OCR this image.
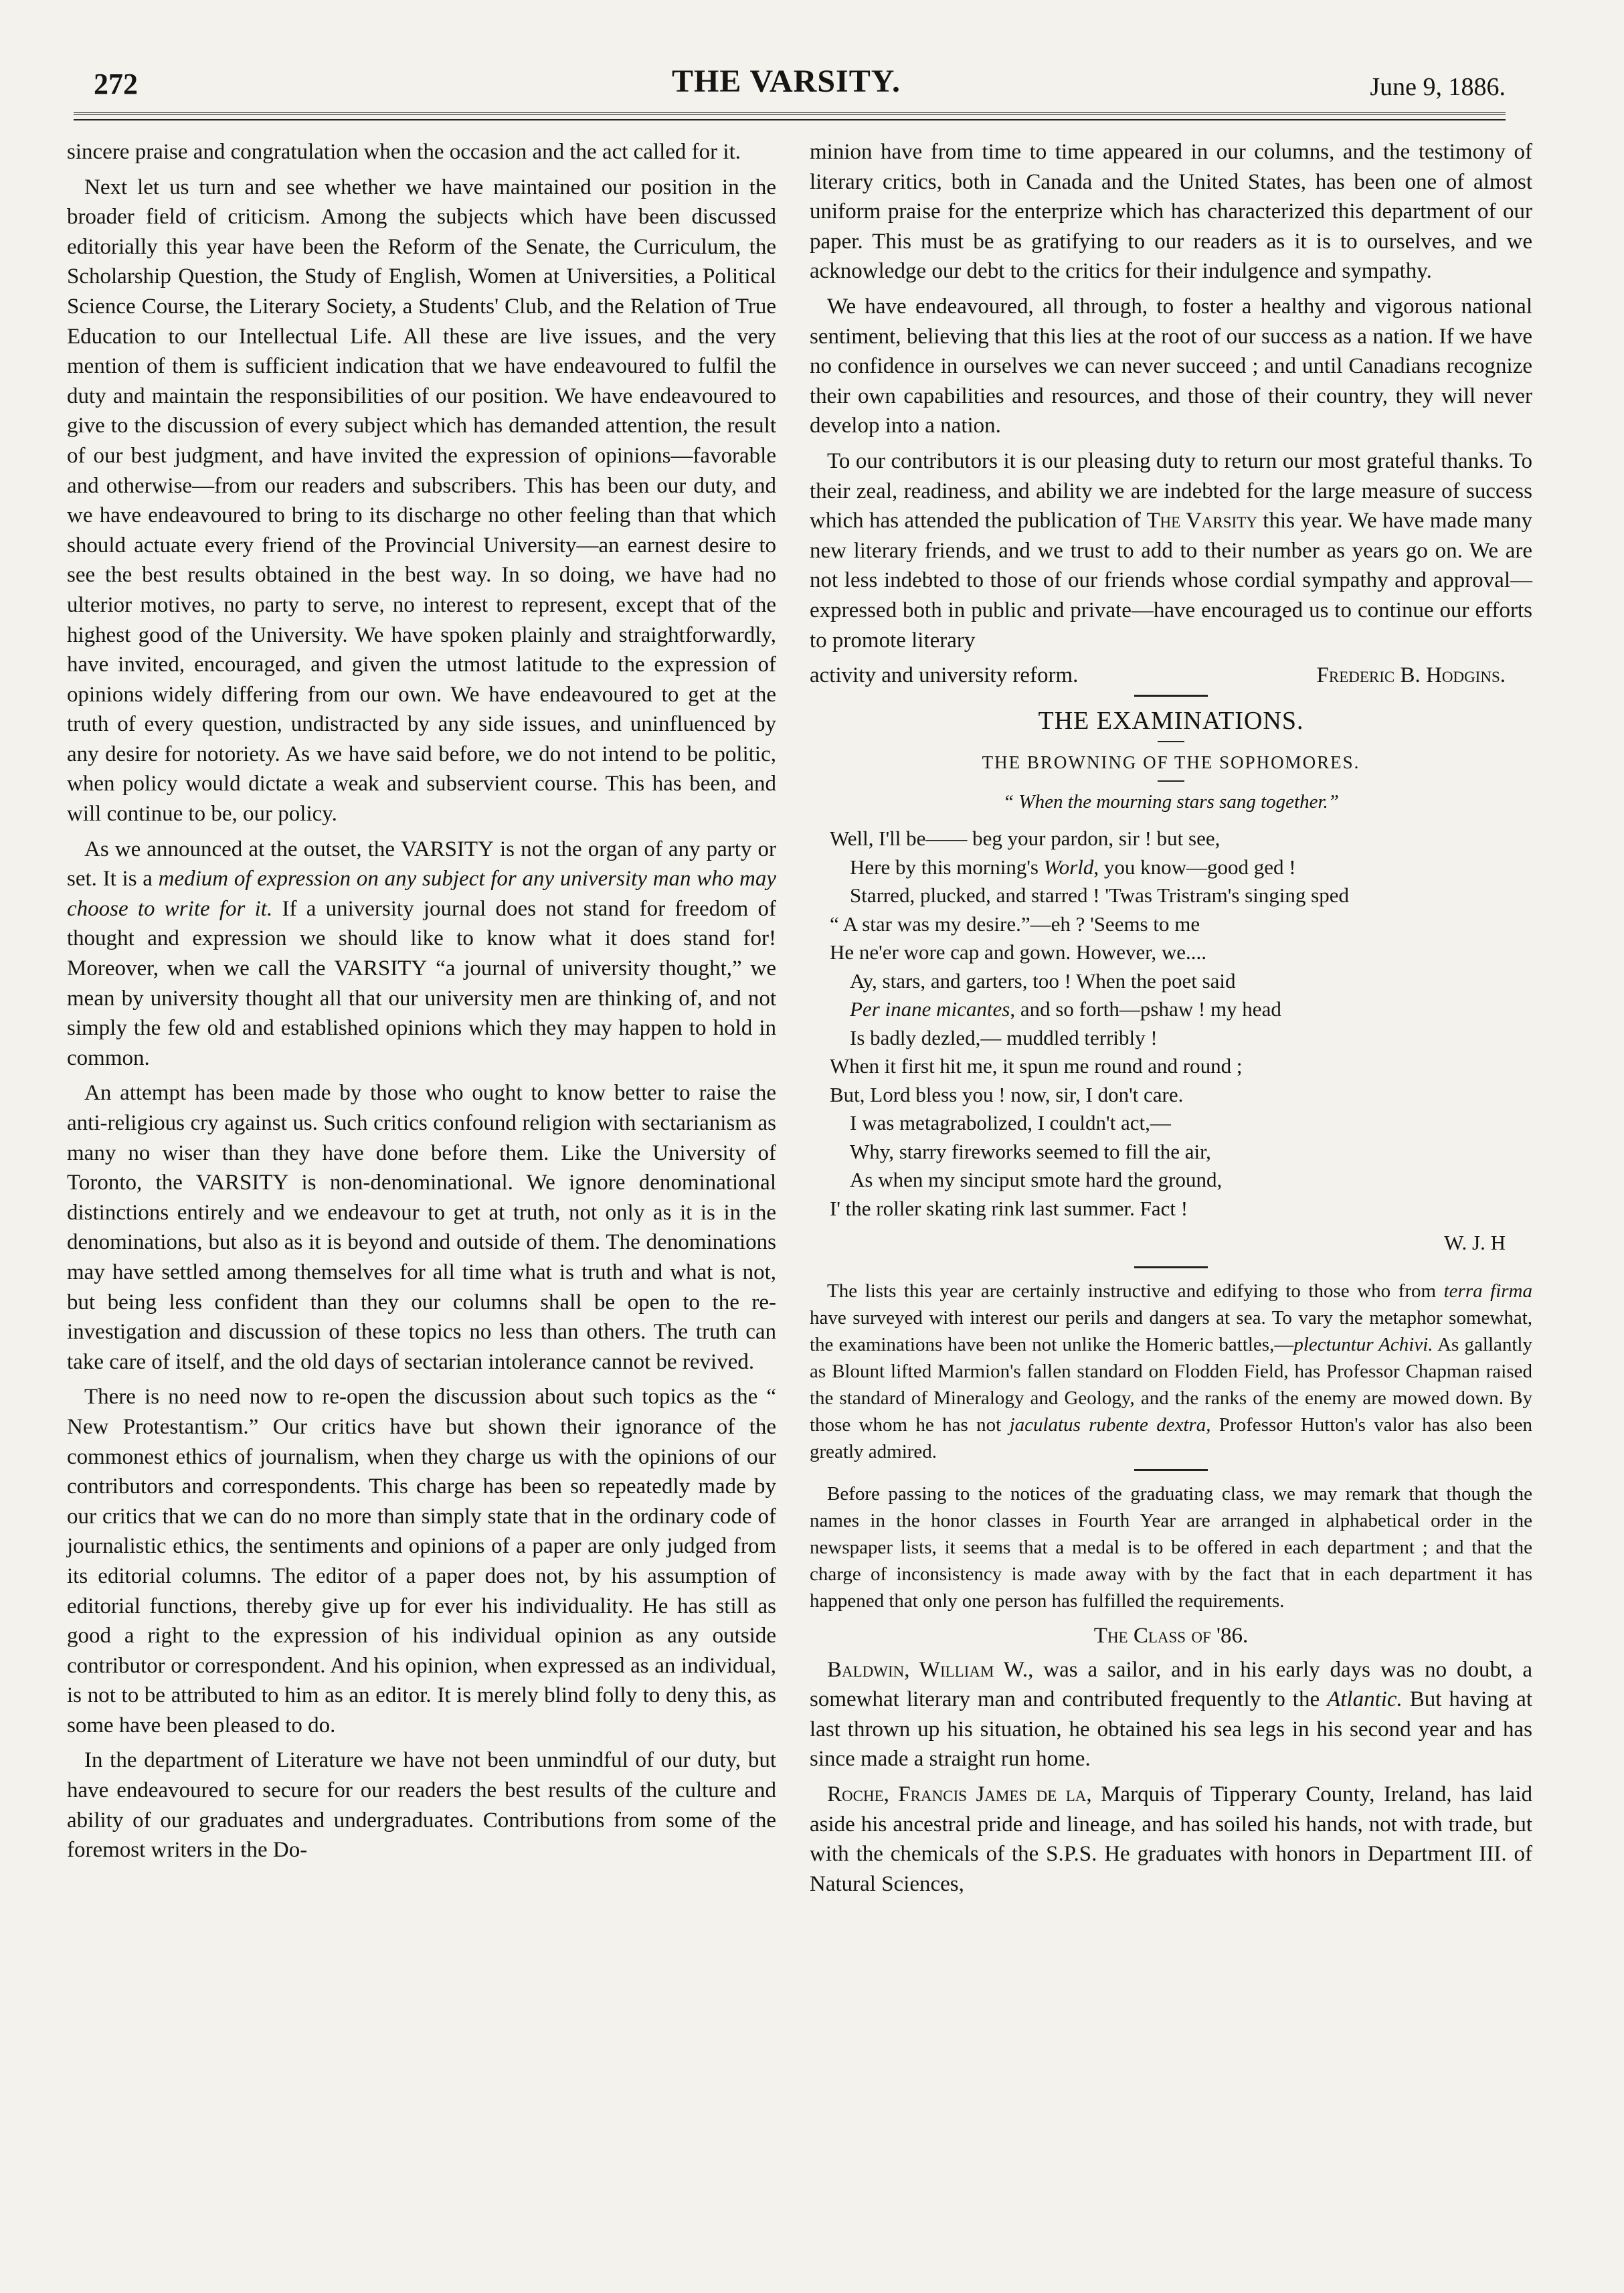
272	THE VARSITY.	June 9, 1886.

sincere praise and congratulation when the occasion and the act called for it.

Next let us turn and see whether we have maintained our position in the broader field of criticism. Among the subjects which have been discussed editorially this year have been the Reform of the Senate, the Curriculum, the Scholarship Question, the Study of English, Women at Universities, a Political Science Course, the Literary Society, a Students' Club, and the Relation of True Education to our Intellectual Life. All these are live issues, and the very mention of them is sufficient indication that we have endeavoured to fulfil the duty and maintain the responsibilities of our position. We have endeavoured to give to the discussion of every subject which has demanded attention, the result of our best judgment, and have invited the expression of opinions—favorable and otherwise—from our readers and subscribers. This has been our duty, and we have endeavoured to bring to its discharge no other feeling than that which should actuate every friend of the Provincial University—an earnest desire to see the best results obtained in the best way. In so doing, we have had no ulterior motives, no party to serve, no interest to represent, except that of the highest good of the University. We have spoken plainly and straightforwardly, have invited, encouraged, and given the utmost latitude to the expression of opinions widely differing from our own. We have endeavoured to get at the truth of every question, undistracted by any side issues, and uninfluenced by any desire for notoriety. As we have said before, we do not intend to be politic, when policy would dictate a weak and subservient course. This has been, and will continue to be, our policy.

As we announced at the outset, the VARSITY is not the organ of any party or set. It is a medium of expression on any subject for any university man who may choose to write for it. If a university journal does not stand for freedom of thought and expression we should like to know what it does stand for! Moreover, when we call the VARSITY “a journal of university thought,” we mean by university thought all that our university men are thinking of, and not simply the few old and established opinions which they may happen to hold in common.

An attempt has been made by those who ought to know better to raise the anti-religious cry against us. Such critics confound religion with sectarianism as many no wiser than they have done before them. Like the University of Toronto, the VARSITY is non-denominational. We ignore denominational distinctions entirely and we endeavour to get at truth, not only as it is in the denominations, but also as it is beyond and outside of them. The denominations may have settled among themselves for all time what is truth and what is not, but being less confident than they our columns shall be open to the re-investigation and discussion of these topics no less than others. The truth can take care of itself, and the old days of sectarian intolerance cannot be revived.

There is no need now to re-open the discussion about such topics as the “ New Protestantism.” Our critics have but shown their ignorance of the commonest ethics of journalism, when they charge us with the opinions of our contributors and correspondents. This charge has been so repeatedly made by our critics that we can do no more than simply state that in the ordinary code of journalistic ethics, the sentiments and opinions of a paper are only judged from its editorial columns. The editor of a paper does not, by his assumption of editorial functions, thereby give up for ever his individuality. He has still as good a right to the expression of his individual opinion as any outside contributor or correspondent. And his opinion, when expressed as an individual, is not to be attributed to him as an editor. It is merely blind folly to deny this, as some have been pleased to do.

In the department of Literature we have not been unmindful of our duty, but have endeavoured to secure for our readers the best results of the culture and ability of our graduates and undergraduates. Contributions from some of the foremost writers in the Do-

minion have from time to time appeared in our columns, and the testimony of literary critics, both in Canada and the United States, has been one of almost uniform praise for the enterprize which has characterized this department of our paper. This must be as gratifying to our readers as it is to ourselves, and we acknowledge our debt to the critics for their indulgence and sympathy.

We have endeavoured, all through, to foster a healthy and vigorous national sentiment, believing that this lies at the root of our success as a nation. If we have no confidence in ourselves we can never succeed ; and until Canadians recognize their own capabilities and resources, and those of their country, they will never develop into a nation.

To our contributors it is our pleasing duty to return our most grateful thanks. To their zeal, readiness, and ability we are indebted for the large measure of success which has attended the publication of The Varsity this year. We have made many new literary friends, and we trust to add to their number as years go on. We are not less indebted to those of our friends whose cordial sympathy and approval—expressed both in public and private—have encouraged us to continue our efforts to promote literary

activity and university reform.	Frederic B. Hodgins.
THE EXAMINATIONS.
THE BROWNING OF THE SOPHOMORES.
“ When the mourning stars sang together.”
Well, I'll be—— beg your pardon, sir ! but see,
Here by this morning's World, you know—good ged !
Starred, plucked, and starred ! 'Twas Tristram's singing sped
“ A star was my desire.”—eh ? 'Seems to me
He ne'er wore cap and gown. However, we....
Ay, stars, and garters, too ! When the poet said
Per inane micantes, and so forth—pshaw ! my head
Is badly dezled,— muddled terribly !
When it first hit me, it spun me round and round ;
But, Lord bless you ! now, sir, I don't care.
I was metagrabolized, I couldn't act,—
Why, starry fireworks seemed to fill the air,
As when my sinciput smote hard the ground,
I' the roller skating rink last summer. Fact !
W. J. H

The lists this year are certainly instructive and edifying to those who from terra firma have surveyed with interest our perils and dangers at sea. To vary the metaphor somewhat, the examinations have been not unlike the Homeric battles,—plectuntur Achivi. As gallantly as Blount lifted Marmion's fallen standard on Flodden Field, has Professor Chapman raised the standard of Mineralogy and Geology, and the ranks of the enemy are mowed down. By those whom he has not jaculatus rubente dextra, Professor Hutton's valor has also been greatly admired.

Before passing to the notices of the graduating class, we may remark that though the names in the honor classes in Fourth Year are arranged in alphabetical order in the newspaper lists, it seems that a medal is to be offered in each department ; and that the charge of inconsistency is made away with by the fact that in each department it has happened that only one person has fulfilled the requirements.

The Class of '86.

Baldwin, William W., was a sailor, and in his early days was no doubt, a somewhat literary man and contributed frequently to the Atlantic. But having at last thrown up his situation, he obtained his sea legs in his second year and has since made a straight run home.

Roche, Francis James de la, Marquis of Tipperary County, Ireland, has laid aside his ancestral pride and lineage, and has soiled his hands, not with trade, but with the chemicals of the S.P.S. He graduates with honors in Department III. of Natural Sciences,
